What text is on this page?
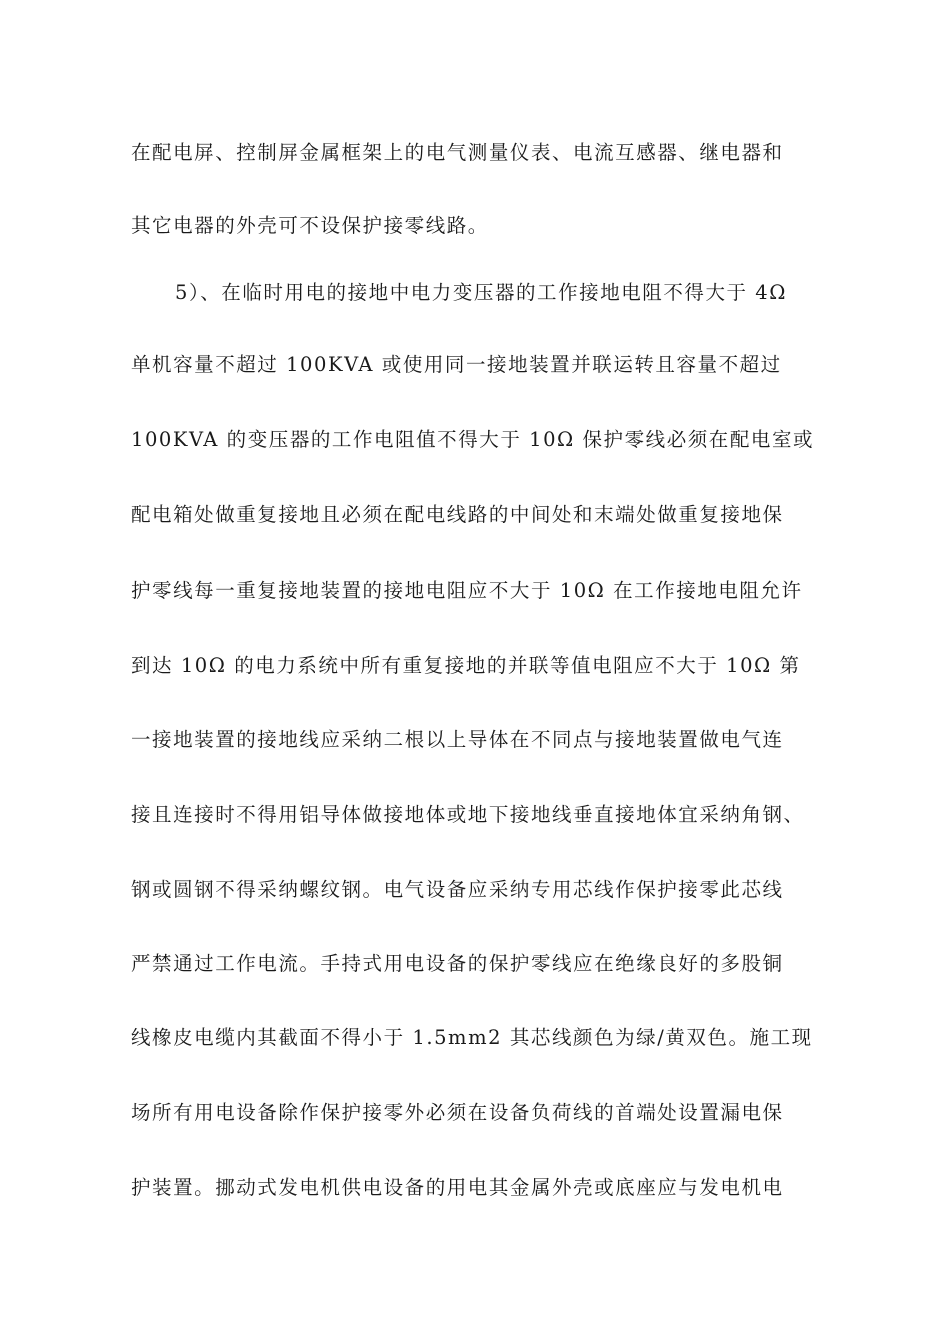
在配电屏、控制屏金属框架上的电气测量仪表、电流互感器、继电器和
其它电器的外壳可不设保护接零线路。
5）、在临时用电的接地中电力变压器的工作接地电阻不得大于 4Ω
单机容量不超过 100KVA 或使用同一接地装置并联运转且容量不超过
100KVA 的变压器的工作电阻值不得大于 10Ω 保护零线必须在配电室或
配电箱处做重复接地且必须在配电线路的中间处和末端处做重复接地保
护零线每一重复接地装置的接地电阻应不大于 10Ω 在工作接地电阻允许
到达 10Ω 的电力系统中所有重复接地的并联等值电阻应不大于 10Ω 第
一接地装置的接地线应采纳二根以上导体在不同点与接地装置做电气连
接且连接时不得用铝导体做接地体或地下接地线垂直接地体宜采纳角钢、
钢或圆钢不得采纳螺纹钢。电气设备应采纳专用芯线作保护接零此芯线
严禁通过工作电流。手持式用电设备的保护零线应在绝缘良好的多股铜
线橡皮电缆内其截面不得小于 1.5mm2 其芯线颜色为绿/黄双色。施工现
场所有用电设备除作保护接零外必须在设备负荷线的首端处设置漏电保
护装置。挪动式发电机供电设备的用电其金属外壳或底座应与发电机电
